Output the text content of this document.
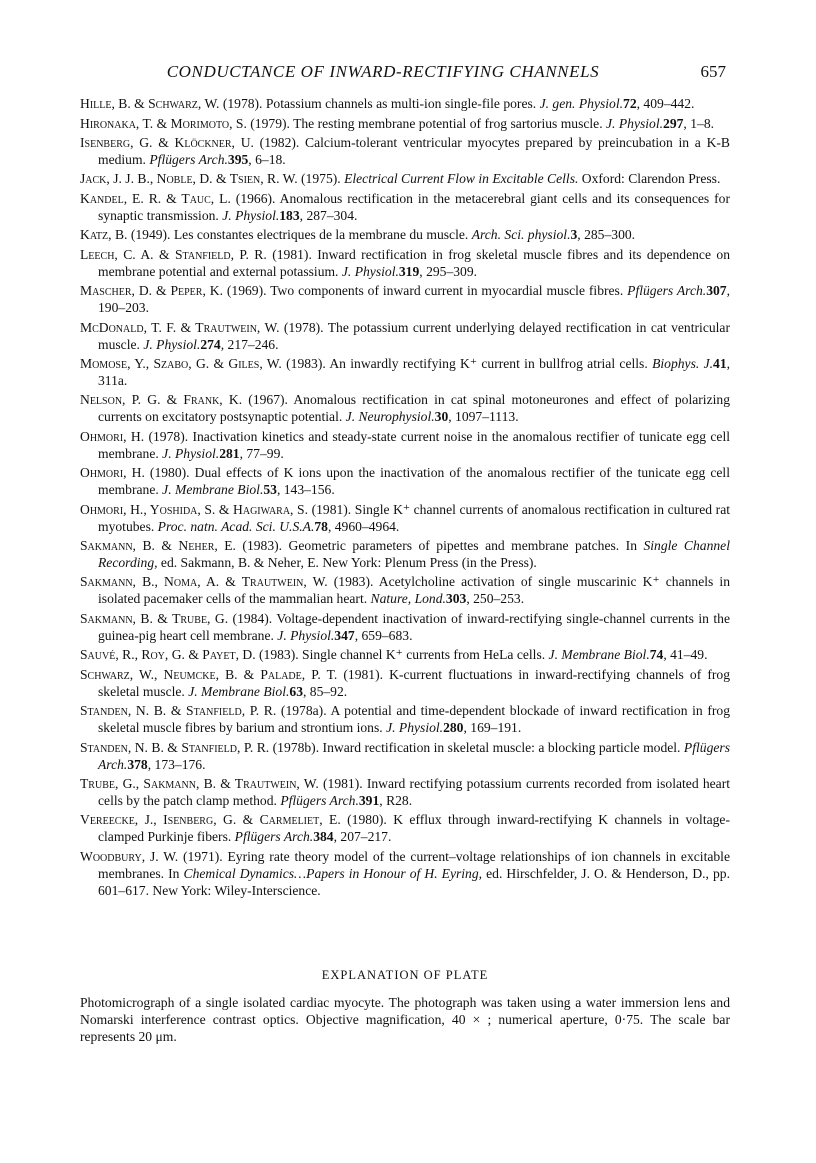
CONDUCTANCE OF INWARD-RECTIFYING CHANNELS	657
Hille, B. & Schwarz, W. (1978). Potassium channels as multi-ion single-file pores. J. gen. Physiol.72, 409–442.
Hironaka, T. & Morimoto, S. (1979). The resting membrane potential of frog sartorius muscle. J. Physiol.297, 1–8.
Isenberg, G. & Klöckner, U. (1982). Calcium-tolerant ventricular myocytes prepared by preincubation in a K-B medium. Pflügers Arch.395, 6–18.
Jack, J. J. B., Noble, D. & Tsien, R. W. (1975). Electrical Current Flow in Excitable Cells. Oxford: Clarendon Press.
Kandel, E. R. & Tauc, L. (1966). Anomalous rectification in the metacerebral giant cells and its consequences for synaptic transmission. J. Physiol.183, 287–304.
Katz, B. (1949). Les constantes electriques de la membrane du muscle. Arch. Sci. physiol.3, 285–300.
Leech, C. A. & Stanfield, P. R. (1981). Inward rectification in frog skeletal muscle fibres and its dependence on membrane potential and external potassium. J. Physiol.319, 295–309.
Mascher, D. & Peper, K. (1969). Two components of inward current in myocardial muscle fibres. Pflügers Arch.307, 190–203.
McDonald, T. F. & Trautwein, W. (1978). The potassium current underlying delayed rectification in cat ventricular muscle. J. Physiol.274, 217–246.
Momose, Y., Szabo, G. & Giles, W. (1983). An inwardly rectifying K⁺ current in bullfrog atrial cells. Biophys. J.41, 311a.
Nelson, P. G. & Frank, K. (1967). Anomalous rectification in cat spinal motoneurones and effect of polarizing currents on excitatory postsynaptic potential. J. Neurophysiol.30, 1097–1113.
Ohmori, H. (1978). Inactivation kinetics and steady-state current noise in the anomalous rectifier of tunicate egg cell membrane. J. Physiol.281, 77–99.
Ohmori, H. (1980). Dual effects of K ions upon the inactivation of the anomalous rectifier of the tunicate egg cell membrane. J. Membrane Biol.53, 143–156.
Ohmori, H., Yoshida, S. & Hagiwara, S. (1981). Single K⁺ channel currents of anomalous rectification in cultured rat myotubes. Proc. natn. Acad. Sci. U.S.A.78, 4960–4964.
Sakmann, B. & Neher, E. (1983). Geometric parameters of pipettes and membrane patches. In Single Channel Recording, ed. Sakmann, B. & Neher, E. New York: Plenum Press (in the Press).
Sakmann, B., Noma, A. & Trautwein, W. (1983). Acetylcholine activation of single muscarinic K⁺ channels in isolated pacemaker cells of the mammalian heart. Nature, Lond.303, 250–253.
Sakmann, B. & Trube, G. (1984). Voltage-dependent inactivation of inward-rectifying single-channel currents in the guinea-pig heart cell membrane. J. Physiol.347, 659–683.
Sauvé, R., Roy, G. & Payet, D. (1983). Single channel K⁺ currents from HeLa cells. J. Membrane Biol.74, 41–49.
Schwarz, W., Neumcke, B. & Palade, P. T. (1981). K-current fluctuations in inward-rectifying channels of frog skeletal muscle. J. Membrane Biol.63, 85–92.
Standen, N. B. & Stanfield, P. R. (1978a). A potential and time-dependent blockade of inward rectification in frog skeletal muscle fibres by barium and strontium ions. J. Physiol.280, 169–191.
Standen, N. B. & Stanfield, P. R. (1978b). Inward rectification in skeletal muscle: a blocking particle model. Pflügers Arch.378, 173–176.
Trube, G., Sakmann, B. & Trautwein, W. (1981). Inward rectifying potassium currents recorded from isolated heart cells by the patch clamp method. Pflügers Arch.391, R28.
Vereecke, J., Isenberg, G. & Carmeliet, E. (1980). K efflux through inward-rectifying K channels in voltage-clamped Purkinje fibers. Pflügers Arch.384, 207–217.
Woodbury, J. W. (1971). Eyring rate theory model of the current–voltage relationships of ion channels in excitable membranes. In Chemical Dynamics…Papers in Honour of H. Eyring, ed. Hirschfelder, J. O. & Henderson, D., pp. 601–617. New York: Wiley-Interscience.
EXPLANATION OF PLATE
Photomicrograph of a single isolated cardiac myocyte. The photograph was taken using a water immersion lens and Nomarski interference contrast optics. Objective magnification, 40 × ; numerical aperture, 0·75. The scale bar represents 20 μm.
